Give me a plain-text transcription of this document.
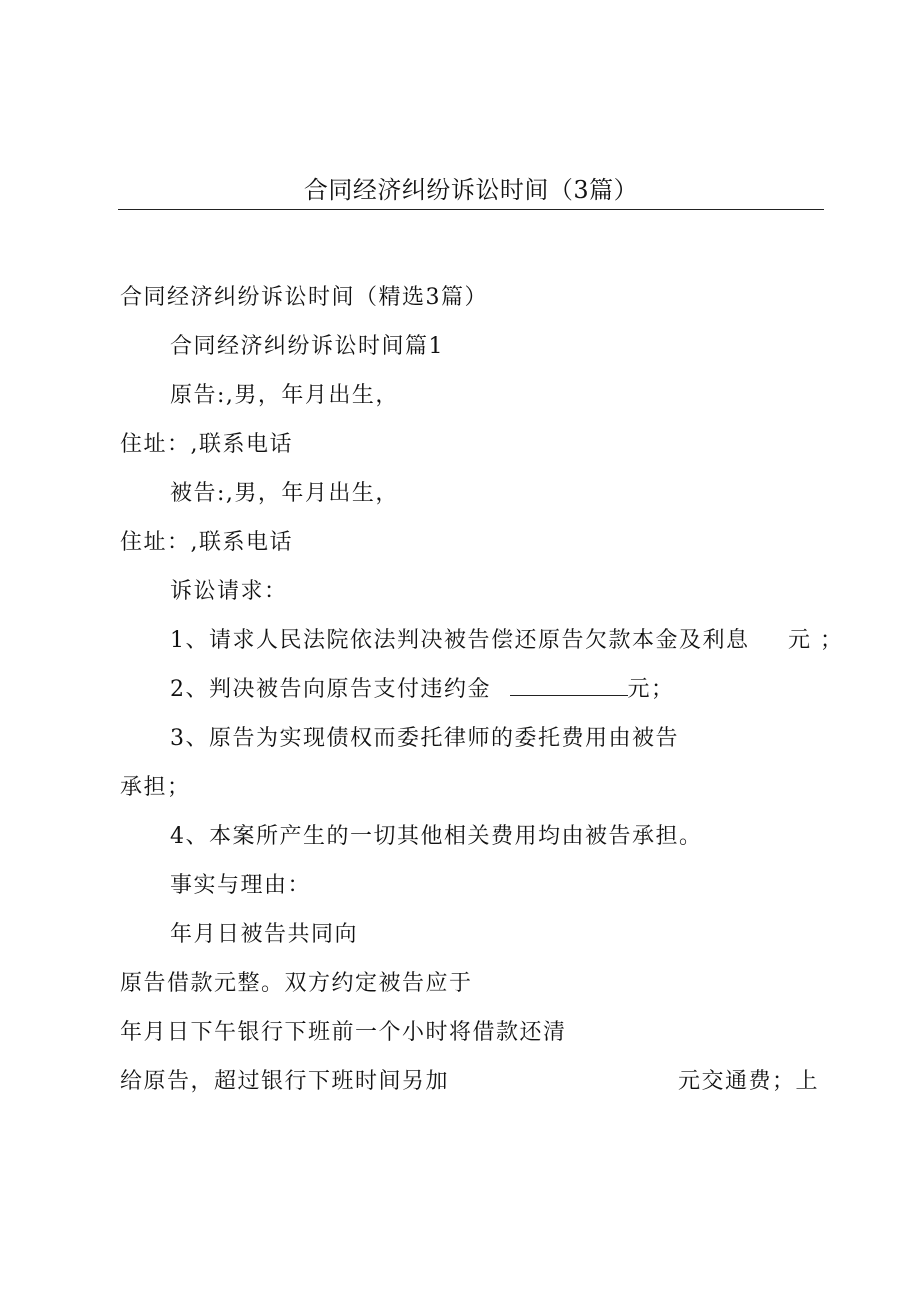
合同经济纠纷诉讼时间（3篇）
合同经济纠纷诉讼时间（精选3篇）
合同经济纠纷诉讼时间篇1
原告:,男，年月出生，
住址：,联系电话
被告:,男，年月出生，
住址：,联系电话
诉讼请求：
1、请求人民法院依法判决被告偿还原告欠款本金及利息 元 ；
2、判决被告向原告支付违约金	元；
3、原告为实现债权而委托律师的委托费用由被告
承担；
4、本案所产生的一切其他相关费用均由被告承担。
事实与理由：
年月日被告共同向
原告借款元整。双方约定被告应于
年月日下午银行下班前一个小时将借款还清
给原告，超过银行下班时间另加	元交通费；上
